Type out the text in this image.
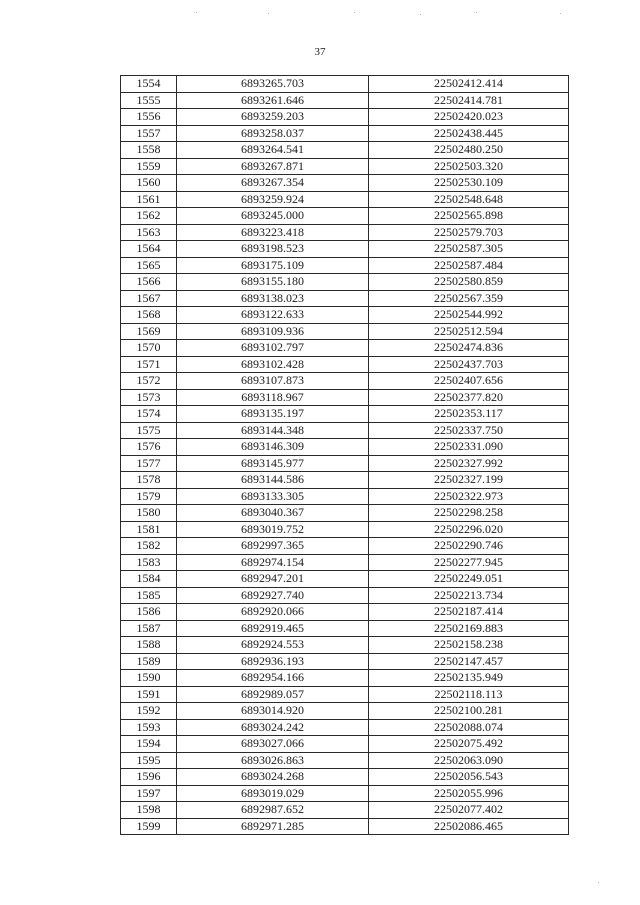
37
1554	6893265.703	22502412.414
1555	6893261.646	22502414.781
1556	6893259.203	22502420.023
1557	6893258.037	22502438.445
1558	6893264.541	22502480.250
1559	6893267.871	22502503.320
1560	6893267.354	22502530.109
1561	6893259.924	22502548.648
1562	6893245.000	22502565.898
1563	6893223.418	22502579.703
1564	6893198.523	22502587.305
1565	6893175.109	22502587.484
1566	6893155.180	22502580.859
1567	6893138.023	22502567.359
1568	6893122.633	22502544.992
1569	6893109.936	22502512.594
1570	6893102.797	22502474.836
1571	6893102.428	22502437.703
1572	6893107.873	22502407.656
1573	6893118.967	22502377.820
1574	6893135.197	22502353.117
1575	6893144.348	22502337.750
1576	6893146.309	22502331.090
1577	6893145.977	22502327.992
1578	6893144.586	22502327.199
1579	6893133.305	22502322.973
1580	6893040.367	22502298.258
1581	6893019.752	22502296.020
1582	6892997.365	22502290.746
1583	6892974.154	22502277.945
1584	6892947.201	22502249.051
1585	6892927.740	22502213.734
1586	6892920.066	22502187.414
1587	6892919.465	22502169.883
1588	6892924.553	22502158.238
1589	6892936.193	22502147.457
1590	6892954.166	22502135.949
1591	6892989.057	22502118.113
1592	6893014.920	22502100.281
1593	6893024.242	22502088.074
1594	6893027.066	22502075.492
1595	6893026.863	22502063.090
1596	6893024.268	22502056.543
1597	6893019.029	22502055.996
1598	6892987.652	22502077.402
1599	6892971.285	22502086.465
